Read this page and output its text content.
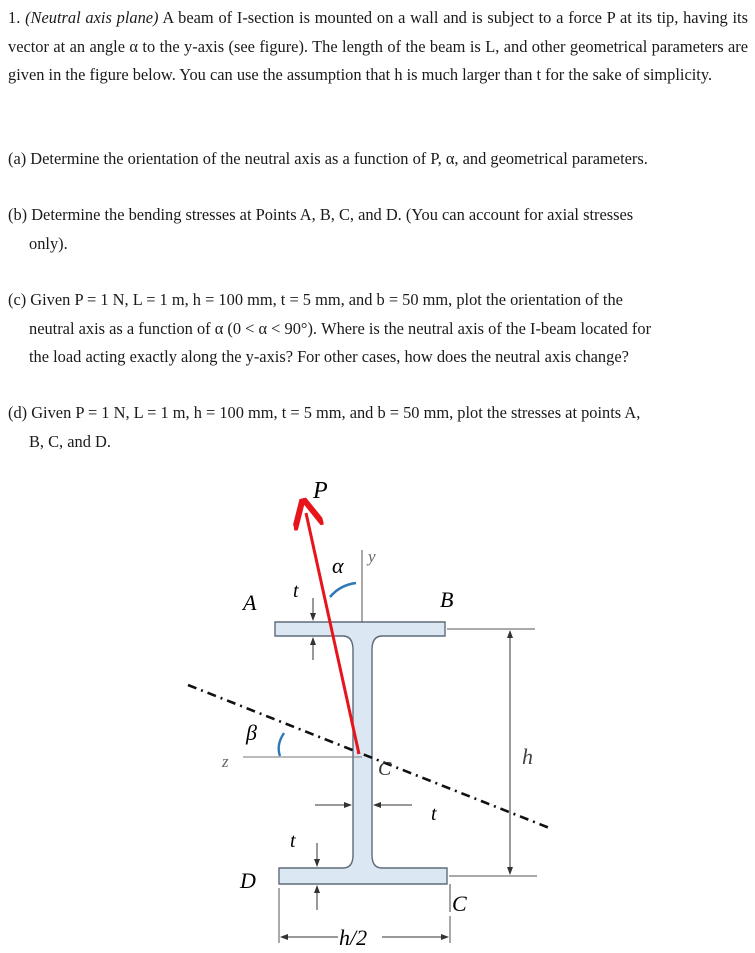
1. (Neutral axis plane) A beam of I-section is mounted on a wall and is subject to a force P at its tip, having its vector at an angle α to the y-axis (see figure). The length of the beam is L, and other geometrical parameters are given in the figure below. You can use the assumption that h is much larger than t for the sake of simplicity.
(a) Determine the orientation of the neutral axis as a function of P, α, and geometrical parameters.
(b) Determine the bending stresses at Points A, B, C, and D. (You can account for axial stresses
only).
(c) Given P = 1 N, L = 1 m, h = 100 mm, t = 5 mm, and b = 50 mm, plot the orientation of the
neutral axis as a function of α (0 < α < 90°). Where is the neutral axis of the I-beam located for
the load acting exactly along the y-axis? For other cases, how does the neutral axis change?
(d) Given P = 1 N, L = 1 m, h = 100 mm, t = 5 mm, and b = 50 mm, plot the stresses at points A,
B, C, and D.
y
z
P
α
β
A	B
D
C
C
t
t
t
h
h/2
